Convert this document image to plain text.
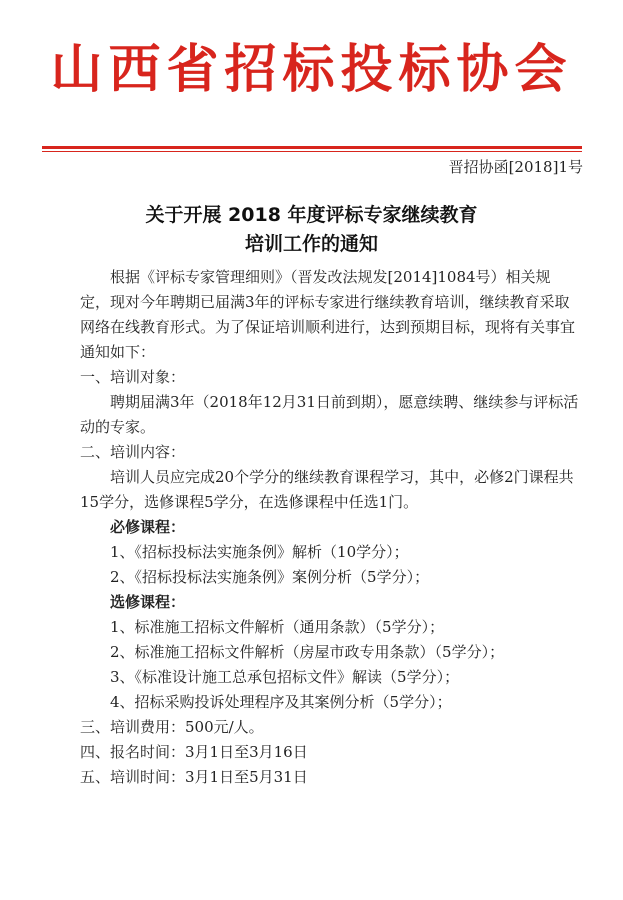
山西省招标投标协会
晋招协函[2018]1号
关于开展 2018 年度评标专家继续教育
培训工作的通知

根据《评标专家管理细则》（晋发改法规发[2014]1084号）相关规定，现对今年聘期已届满3年的评标专家进行继续教育培训，继续教育采取网络在线教育形式。为了保证培训顺利进行，达到预期目标，现将有关事宜通知如下：

一、培训对象：

聘期届满3年（2018年12月31日前到期），愿意续聘、继续参与评标活动的专家。

二、培训内容：

培训人员应完成20个学分的继续教育课程学习，其中，必修2门课程共15学分，选修课程5学分，在选修课程中任选1门。

必修课程：

1、《招标投标法实施条例》解析（10学分）；

2、《招标投标法实施条例》案例分析（5学分）；

选修课程：

1、标准施工招标文件解析（通用条款）（5学分）；

2、标准施工招标文件解析（房屋市政专用条款）（5学分）；

3、《标准设计施工总承包招标文件》解读（5学分）；

4、招标采购投诉处理程序及其案例分析（5学分）；

三、培训费用：500元/人。

四、报名时间：3月1日至3月16日

五、培训时间：3月1日至5月31日
